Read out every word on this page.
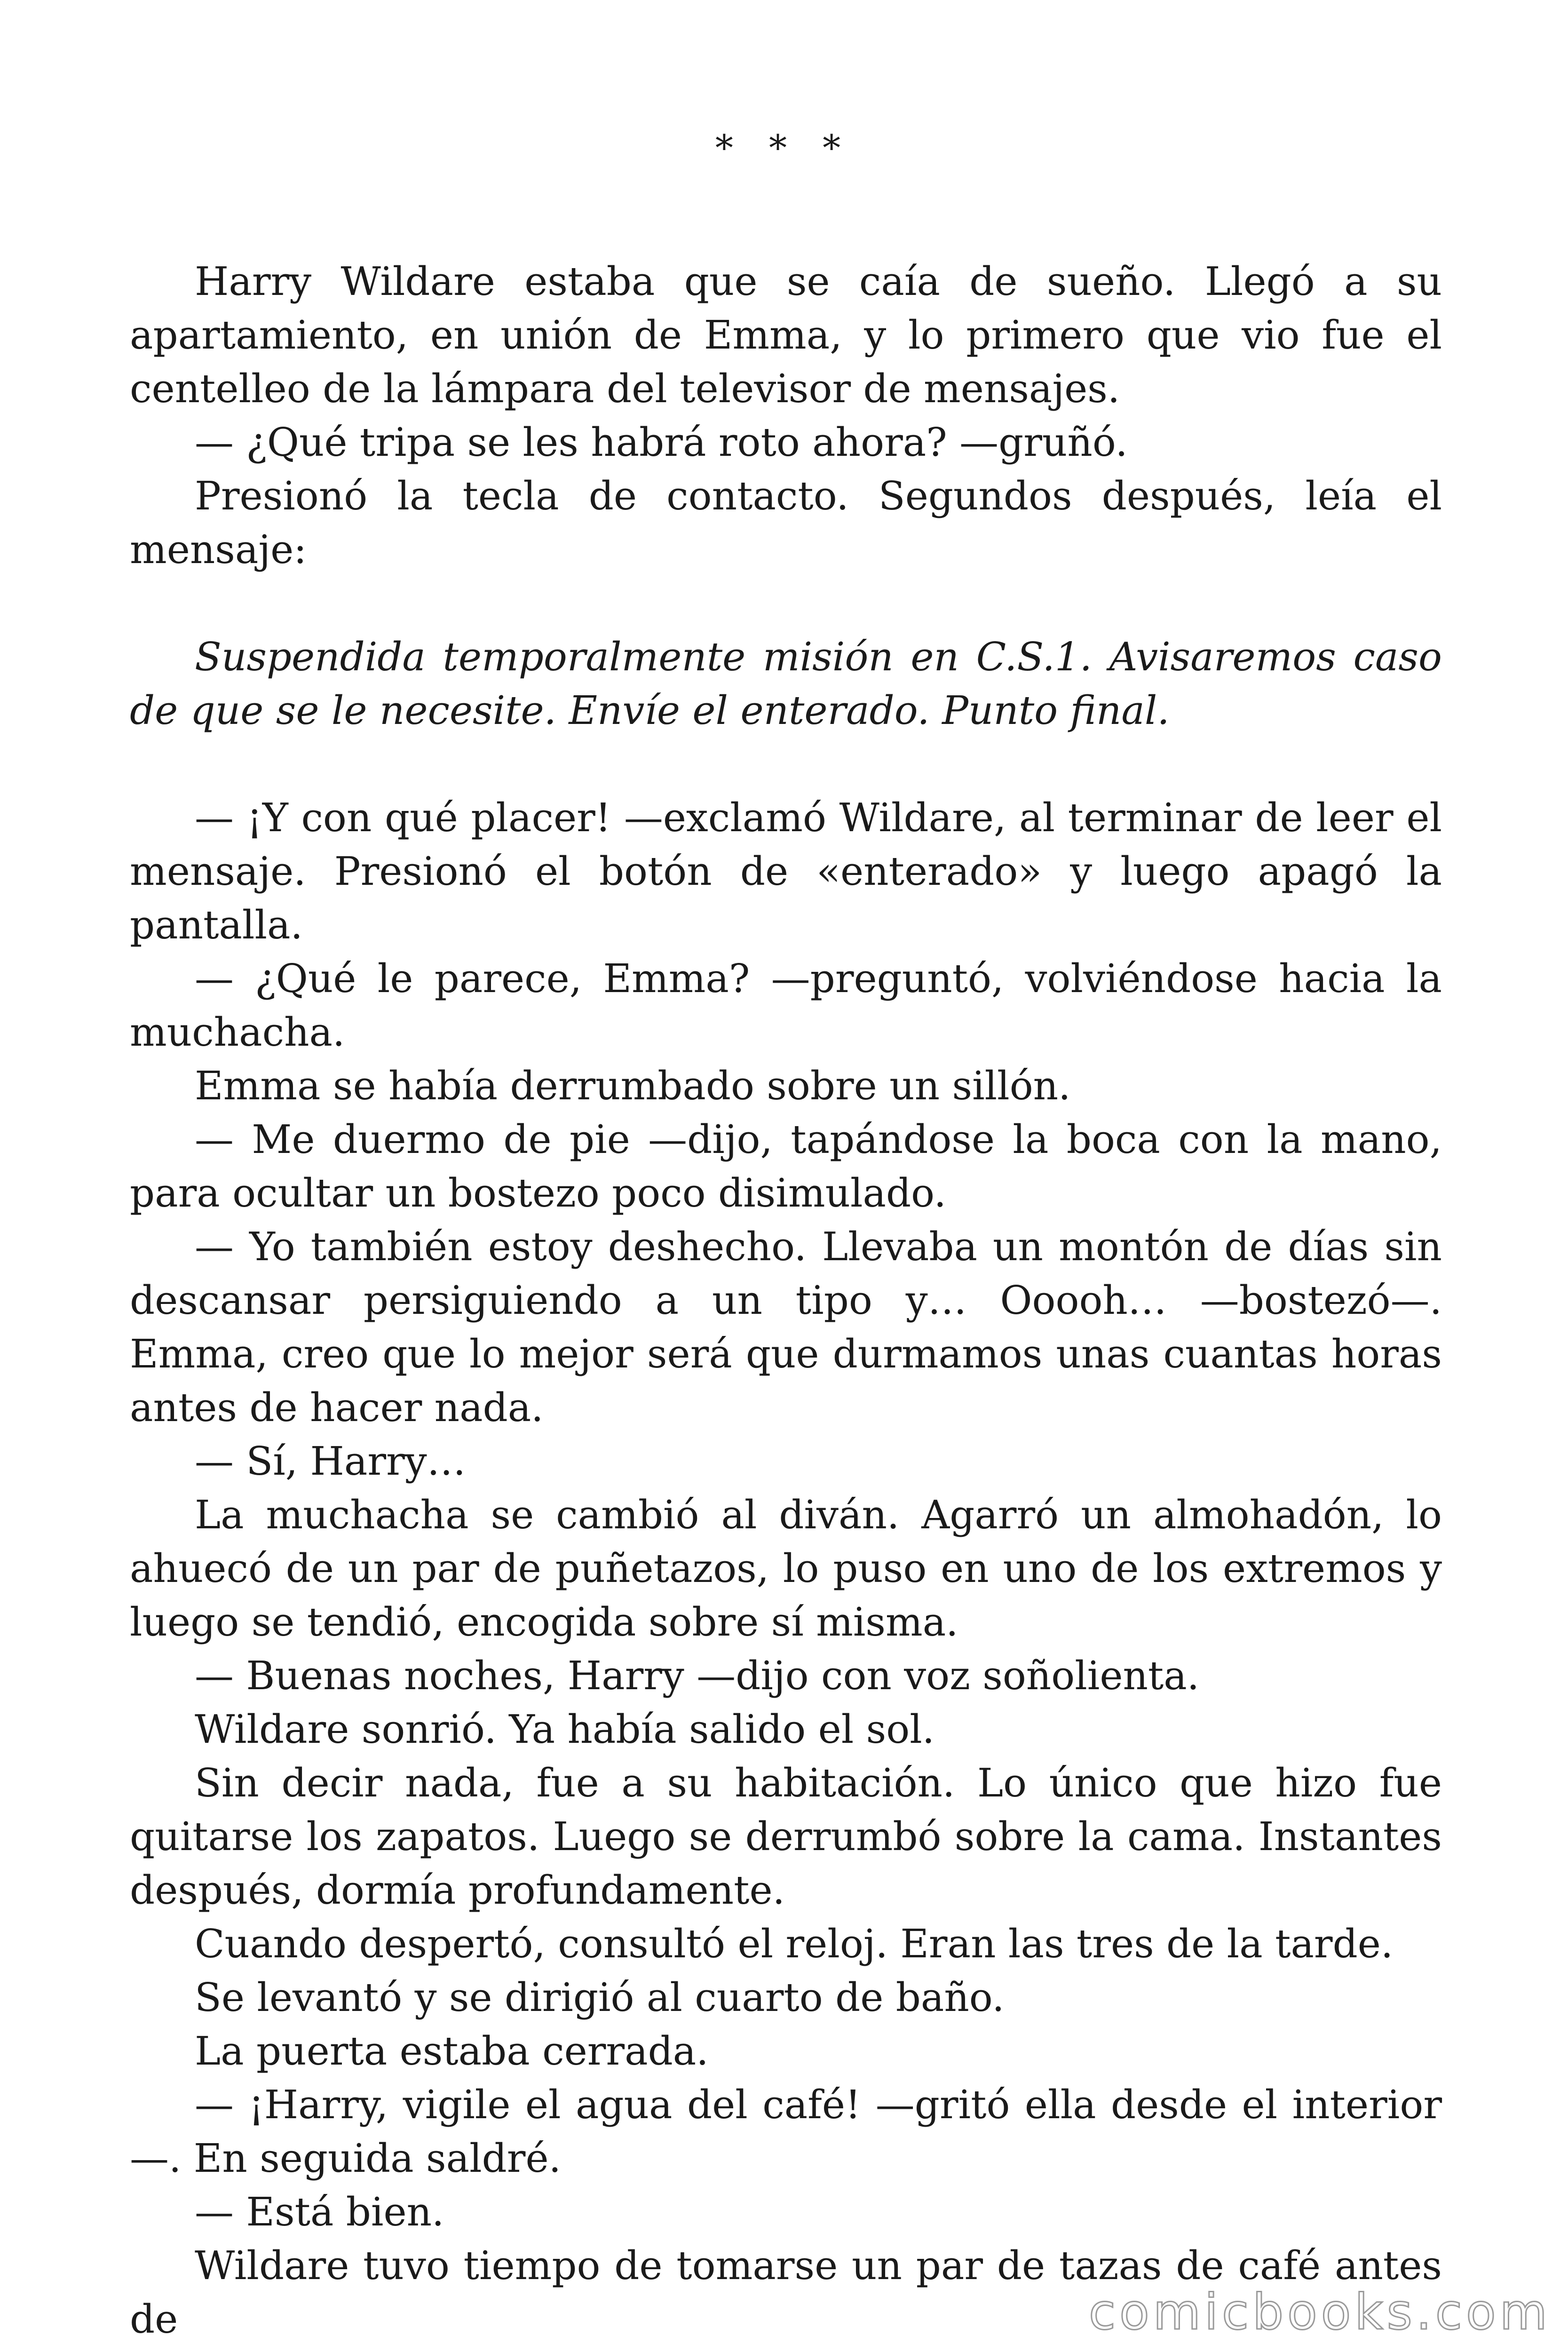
* * *

Harry Wildare estaba que se caía de sueño. Llegó a su apartamiento, en unión de Emma, y lo primero que vio fue el centelleo de la lámpara del televisor de mensajes.

— ¿Qué tripa se les habrá roto ahora? —gruñó.

Presionó la tecla de contacto. Segundos después, leía el mensaje:

Suspendida temporalmente misión en C.S.1. Avisaremos caso de que se le necesite. Envíe el enterado. Punto final.

— ¡Y con qué placer! —exclamó Wildare, al terminar de leer el mensaje. Presionó el botón de «enterado» y luego apagó la pantalla.

— ¿Qué le parece, Emma? —preguntó, volviéndose hacia la muchacha.

Emma se había derrumbado sobre un sillón.

— Me duermo de pie —dijo, tapándose la boca con la mano, para ocultar un bostezo poco disimulado.

— Yo también estoy deshecho. Llevaba un montón de días sin descansar persiguiendo a un tipo y… Ooooh… —bostezó—. Emma, creo que lo mejor será que durmamos unas cuantas horas antes de hacer nada.

— Sí, Harry…

La muchacha se cambió al diván. Agarró un almohadón, lo ahuecó de un par de puñetazos, lo puso en uno de los extremos y luego se tendió, encogida sobre sí misma.

— Buenas noches, Harry —dijo con voz soñolienta.

Wildare sonrió. Ya había salido el sol.

Sin decir nada, fue a su habitación. Lo único que hizo fue quitarse los zapatos. Luego se derrumbó sobre la cama. Instantes después, dormía profundamente.

Cuando despertó, consultó el reloj. Eran las tres de la tarde.

Se levantó y se dirigió al cuarto de baño.

La puerta estaba cerrada.

— ¡Harry, vigile el agua del café! —gritó ella desde el interior—. En seguida saldré.

— Está bien.

Wildare tuvo tiempo de tomarse un par de tazas de café antes de	comicbooks.com
